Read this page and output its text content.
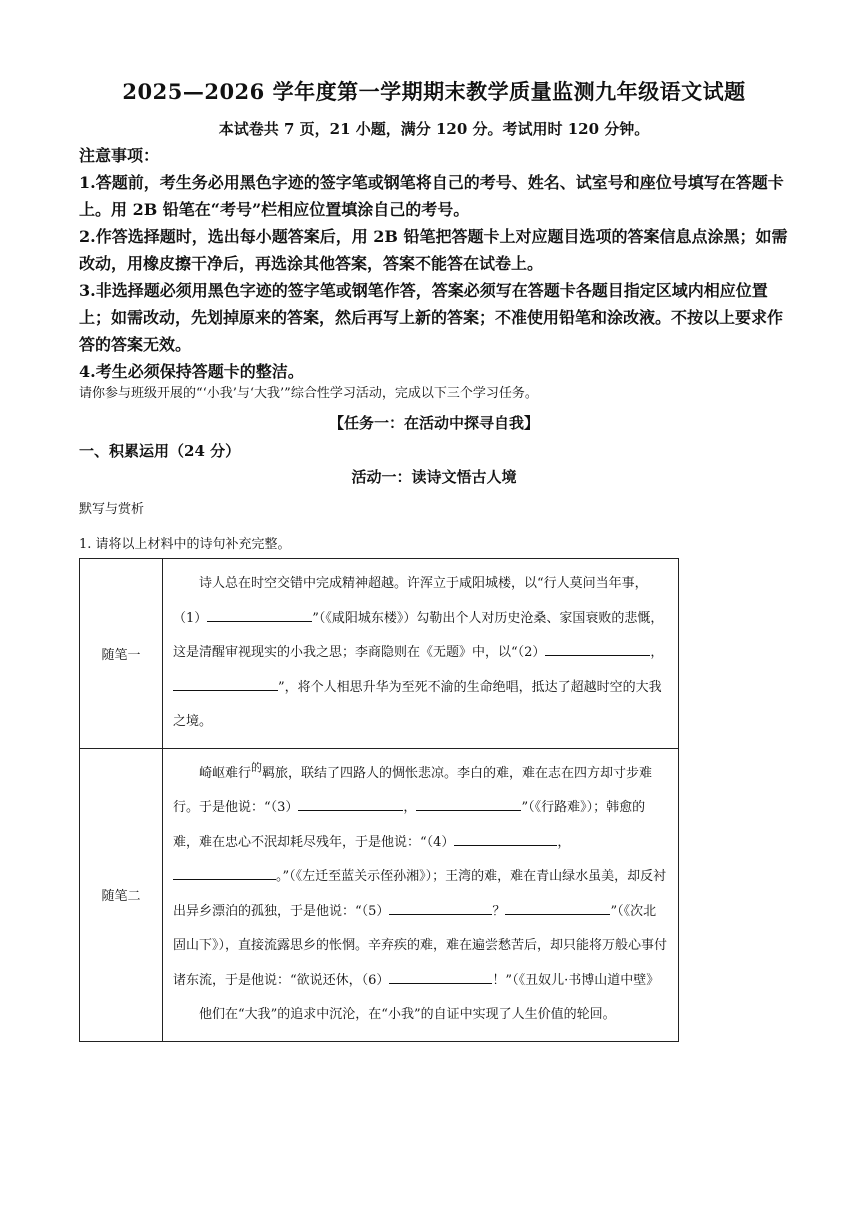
2025—2026 学年度第一学期期末教学质量监测九年级语文试题
本试卷共 7 页，21 小题，满分 120 分。考试用时 120 分钟。

注意事项：

1.答题前，考生务必用黑色字迹的签字笔或钢笔将自己的考号、姓名、试室号和座位号填写在答题卡上。用 2B 铅笔在“考号”栏相应位置填涂自己的考号。

2.作答选择题时，选出每小题答案后，用 2B 铅笔把答题卡上对应题目选项的答案信息点涂黑；如需改动，用橡皮擦干净后，再选涂其他答案，答案不能答在试卷上。

3.非选择题必须用黑色字迹的签字笔或钢笔作答，答案必须写在答题卡各题目指定区域内相应位置上；如需改动，先划掉原来的答案，然后再写上新的答案；不准使用铅笔和涂改液。不按以上要求作答的答案无效。

4.考生必须保持答题卡的整洁。

请你参与班级开展的“‘小我’与‘大我’”综合性学习活动，完成以下三个学习任务。
【任务一：在活动中探寻自我】
一、积累运用（24 分）
活动一：读诗文悟古人境
默写与赏析
1. 请将以上材料中的诗句补充完整。
随笔一	诗人总在时空交错中完成精神超越。许浑立于咸阳城楼，以“行人莫问当年事，（1） ”（《咸阳城东楼》）勾勒出个人对历史沧桑、家国衰败的悲慨，这是清醒审视现实的小我之思；李商隐则在《无题》中，以“（2） ，”，将个人相思升华为至死不渝的生命绝唱，抵达了超越时空的大我之境。

随笔二	崎岖难行$^的$羁旅，联结了四路人的惆怅悲凉。李白的难，难在志在四方却寸步难行。于是他说：“（3） ， ”（《行路难》）；韩愈的难，难在忠心不泯却耗尽残年，于是他说：“（4） ，。”（《左迁至蓝关示侄孙湘》）；王湾的难，难在青山绿水虽美，却反衬出异乡漂泊的孤独，于是他说：“（5） ？ ”（《次北固山下》），直接流露思乡的怅惘。辛弃疾的难，难在遍尝愁苦后，却只能将万般心事付诸东流，于是他说：“欲说还休，（6） ！”（《丑奴儿·书博山道中壁》

他们在“大我”的追求中沉沦，在“小我”的自证中实现了人生价值的轮回。
